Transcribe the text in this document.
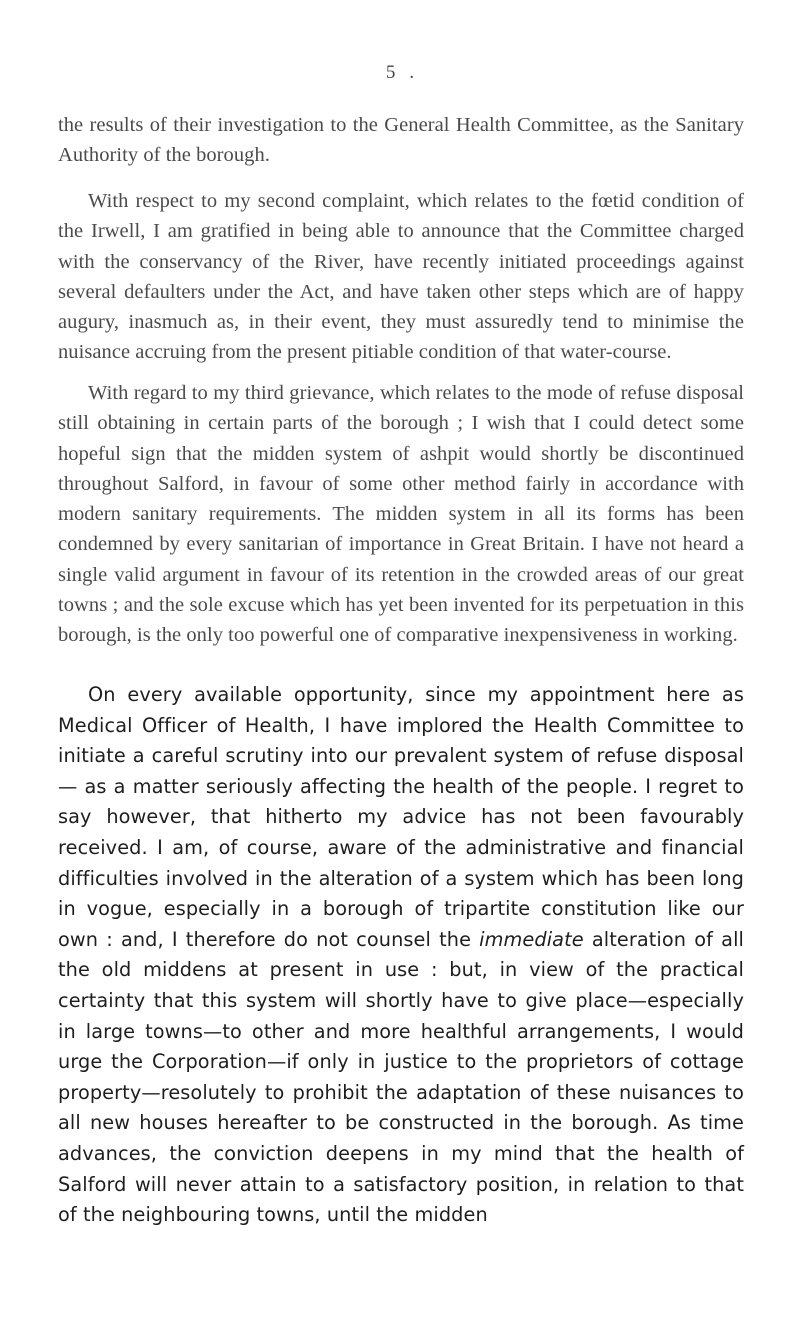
5 .

the results of their investigation to the General Health Committee, as the Sanitary Authority of the borough.

With respect to my second complaint, which relates to the fœtid condition of the Irwell, I am gratified in being able to announce that the Committee charged with the conservancy of the River, have recently initiated proceedings against several defaulters under the Act, and have taken other steps which are of happy augury, inasmuch as, in their event, they must assuredly tend to minimise the nuisance accruing from the present pitiable condition of that water-course.

With regard to my third grievance, which relates to the mode of refuse disposal still obtaining in certain parts of the borough ; I wish that I could detect some hopeful sign that the midden system of ashpit would shortly be discontinued throughout Salford, in favour of some other method fairly in accordance with modern sanitary requirements. The midden system in all its forms has been condemned by every sanitarian of importance in Great Britain. I have not heard a single valid argument in favour of its retention in the crowded areas of our great towns ; and the sole excuse which has yet been invented for its perpetuation in this borough, is the only too powerful one of comparative inexpensiveness in working.

On every available opportunity, since my appointment here as Medical Officer of Health, I have implored the Health Committee to initiate a careful scrutiny into our prevalent system of refuse disposal— as a matter seriously affecting the health of the people. I regret to say however, that hitherto my advice has not been favourably received. I am, of course, aware of the administrative and financial difficulties involved in the alteration of a system which has been long in vogue, especially in a borough of tripartite constitution like our own : and, I therefore do not counsel the immediate alteration of all the old middens at present in use : but, in view of the practical certainty that this system will shortly have to give place—especially in large towns—to other and more healthful arrangements, I would urge the Corporation—if only in justice to the proprietors of cottage property—resolutely to prohibit the adaptation of these nuisances to all new houses hereafter to be constructed in the borough. As time advances, the conviction deepens in my mind that the health of Salford will never attain to a satisfactory position, in relation to that of the neighbouring towns, until the midden
